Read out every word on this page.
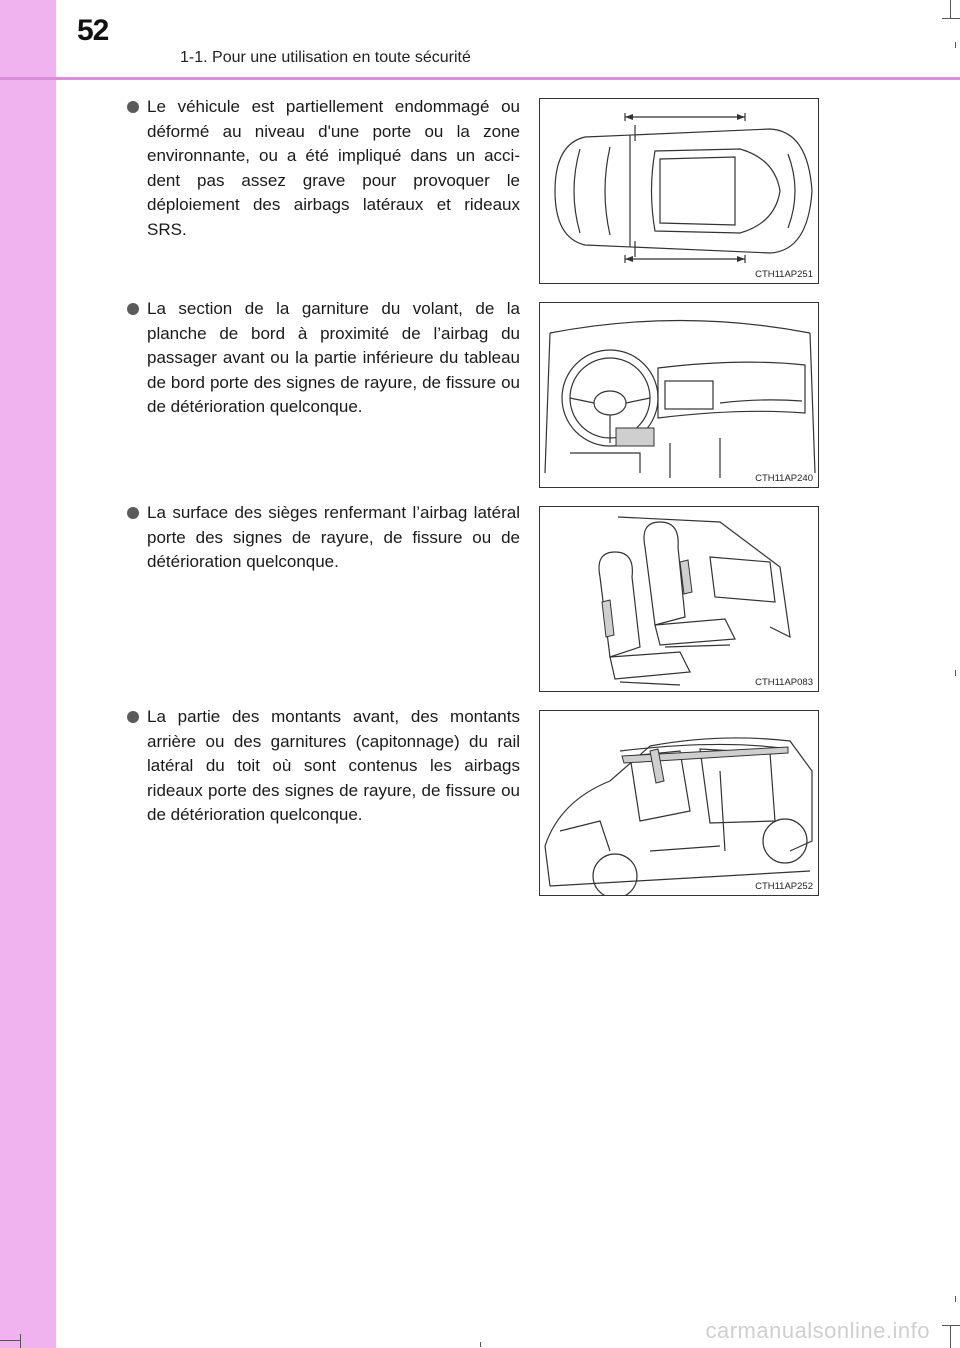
52
1-1. Pour une utilisation en toute sécurité
Le véhicule est partiellement endommagé ou déformé au niveau d'une porte ou la zone environnante, ou a été impliqué dans un acci-dent pas assez grave pour provoquer le déploiement des airbags latéraux et rideaux SRS.
CTH11AP251
La section de la garniture du volant, de la planche de bord à proximité de l’airbag du passager avant ou la partie inférieure du tableau de bord porte des signes de rayure, de fissure ou de détérioration quelconque.
CTH11AP240
La surface des sièges renfermant l’airbag latéral porte des signes de rayure, de fissure ou de détérioration quelconque.
CTH11AP083
La partie des montants avant, des montants arrière ou des garnitures (capitonnage) du rail latéral du toit où sont contenus les airbags rideaux porte des signes de rayure, de fissure ou de détérioration quelconque.
CTH11AP252
carmanualsonline.info
